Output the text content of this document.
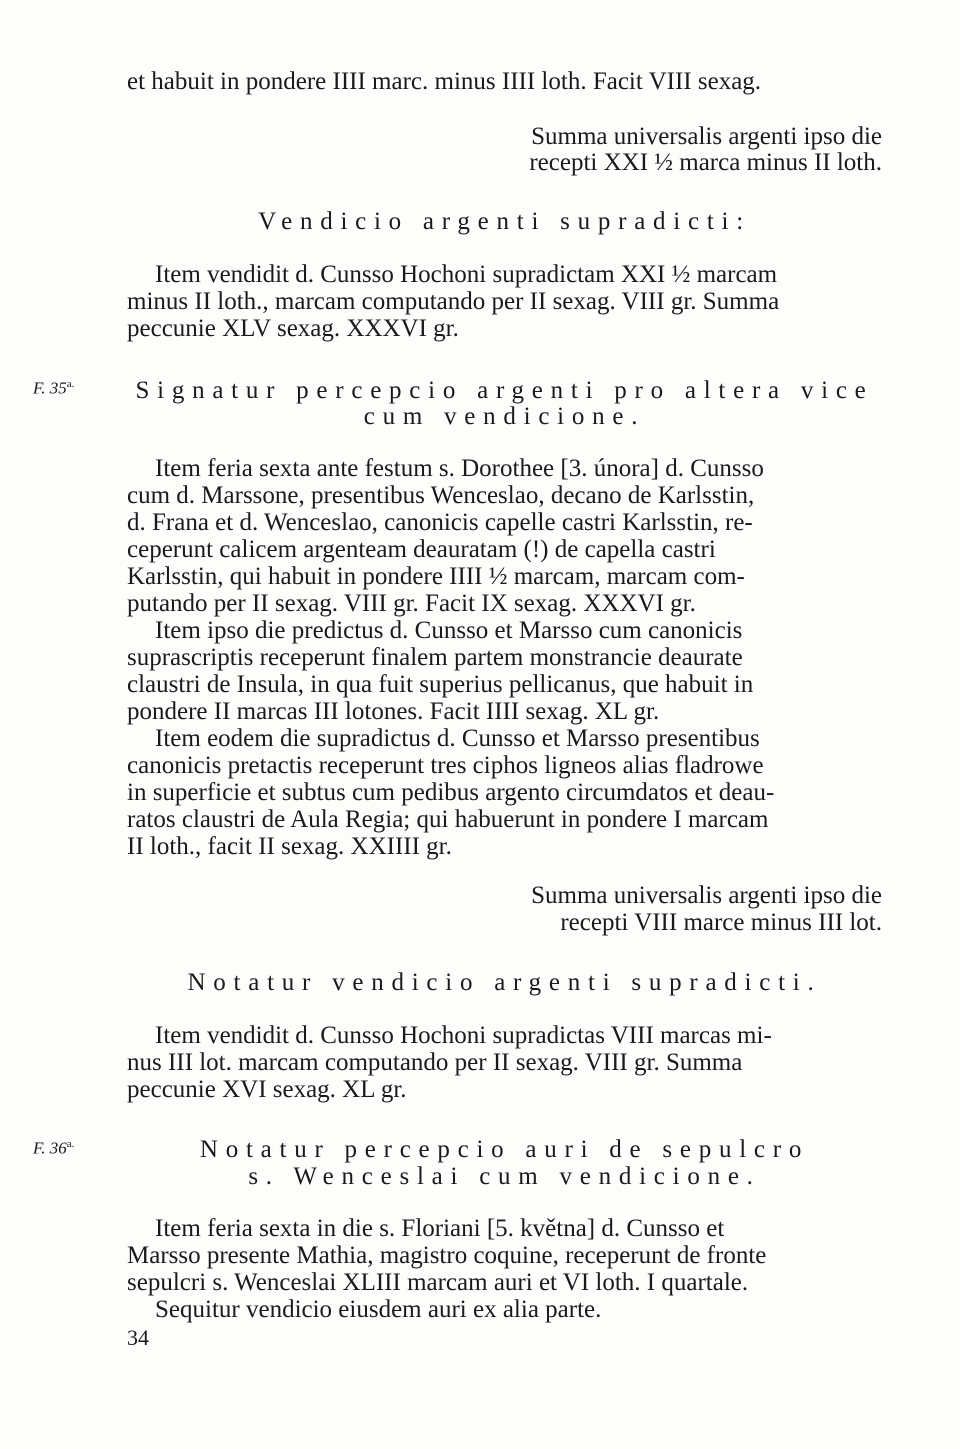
et habuit in pondere IIII marc. minus IIII loth. Facit VIII sexag.
Summa universalis argenti ipso die
recepti XXI ½ marca minus II loth.
Vendicio argenti supradicti:
Item vendidit d. Cunsso Hochoni supradictam XXI ½ marcam
minus II loth., marcam computando per II sexag. VIII gr. Summa
peccunie XLV sexag. XXXVI gr.
F. $35^{a.}$	Signatur percepcio argenti pro altera vice
cum vendicione.
Item feria sexta ante festum s. Dorothee [3. února] d. Cunsso
cum d. Marssone, presentibus Wenceslao, decano de Karlsstin,
d. Frana et d. Wenceslao, canonicis capelle castri Karlsstin, re-
ceperunt calicem argenteam deauratam (!) de capella castri
Karlsstin, qui habuit in pondere IIII ½ marcam, marcam com-
putando per II sexag. VIII gr. Facit IX sexag. XXXVI gr.
Item ipso die predictus d. Cunsso et Marsso cum canonicis
suprascriptis receperunt finalem partem monstrancie deaurate
claustri de Insula, in qua fuit superius pellicanus, que habuit in
pondere II marcas III lotones. Facit IIII sexag. XL gr.
Item eodem die supradictus d. Cunsso et Marsso presentibus
canonicis pretactis receperunt tres ciphos ligneos alias fladrowe
in superficie et subtus cum pedibus argento circumdatos et deau-
ratos claustri de Aula Regia; qui habuerunt in pondere I marcam
II loth., facit II sexag. XXIIII gr.
Summa universalis argenti ipso die
recepti VIII marce minus III lot.
Notatur vendicio argenti supradicti.
Item vendidit d. Cunsso Hochoni supradictas VIII marcas mi-
nus III lot. marcam computando per II sexag. VIII gr. Summa
peccunie XVI sexag. XL gr.
F. $36^{a.}$	Notatur percepcio auri de sepulcro
s. Wenceslai cum vendicione.
Item feria sexta in die s. Floriani [5. května] d. Cunsso et
Marsso presente Mathia, magistro coquine, receperunt de fronte
sepulcri s. Wenceslai XLIII marcam auri et VI loth. I quartale.
Sequitur vendicio eiusdem auri ex alia parte.
34
